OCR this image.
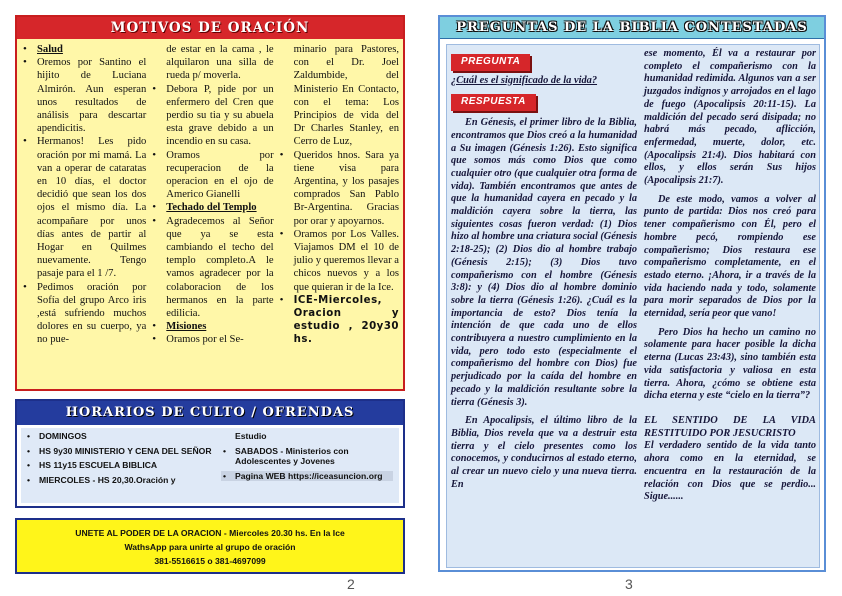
MOTIVOS DE ORACIÓN
• Salud
• Oremos por Santino el hijito de Luciana Almirón. Aun esperan unos resultados de análisis para descartar apendicitis.
• Hermanos! Les pido oración por mi mamá. La van a operar de cataratas en 10 días, el doctor decidió que sean los dos ojos el mismo día. La acompañare por unos días antes de partir al Hogar en Quilmes nuevamente. Tengo pasaje para el 1 /7.
• Pedimos oración por Sofía del grupo Arco iris ,está sufriendo muchos dolores en su cuerpo, ya no pue-
de estar en la cama , le alquilaron una silla de rueda p/ moverla.
• Debora P, pide por un enfermero del Cren que perdio su tia y su abuela esta grave debido a un incendio en su casa.
• Oramos por recuperacion de la operacion en el ojo de Americo Gianelli
• Techado del Templo
• Agradecemos al Señor que ya se esta cambiando el techo del templo completo.A le vamos agradecer por la colaboracion de los hermanos en la parte edilicia.
• Misiones
• Oramos por el Se-
minario para Pastores, con el Dr. Joel Zaldumbide, del Ministerio En Contacto, con el tema: Los Principios de vida del Dr Charles Stanley, en Cerro de Luz,
• Queridos hnos. Sara ya tiene visa para Argentina, y los pasajes comprados San Pablo Br-Argentina. Gracias por orar y apoyarnos.
• Oramos por Los Valles. Viajamos DM el 10 de julio y queremos llevar a chicos nuevos y a los que quieran ir de la Ice.
• ICE-Miercoles, Oracion y estudio , 20y30 hs.
HORARIOS DE CULTO / OFRENDAS
• DOMINGOS
• HS 9y30 MINISTERIO Y CENA DEL SEÑOR
• HS 11y15 ESCUELA BIBLICA
• MIERCOLES - HS 20,30.Oración y
Estudio
• SABADOS - Ministerios con Adolescentes y Jovenes
• Pagina WEB https://iceasuncion.org
UNETE AL PODER DE LA ORACION - Miercoles 20.30 hs. En la Ice
WathsApp para unirte al grupo de oración
381-5516615 o 381-4697099
2
PREGUNTAS DE LA BIBLIA CONTESTADAS
PREGUNTA
¿Cuál es el significado de la vida?
RESPUESTA

En Génesis, el primer libro de la Biblia, encontramos que Dios creó a la humanidad a Su imagen (Génesis 1:26). Esto significa que somos más como Dios que como cualquier otro (que cualquier otra forma de vida). También encontramos que antes de que la humanidad cayera en pecado y la maldición cayera sobre la tierra, las siguientes cosas fueron verdad: (1) Dios hizo al hombre una criatura social (Génesis 2:18-25); (2) Dios dio al hombre trabajo (Génesis 2:15); (3) Dios tuvo compañerismo con el hombre (Génesis 3:8): y (4) Dios dio al hombre dominio sobre la tierra (Génesis 1:26). ¿Cuál es la importancia de esto? Dios tenía la intención de que cada uno de ellos contribuyera a nuestro cumplimiento en la vida, pero todo esto (especialmente el compañerismo del hombre con Dios) fue perjudicado por la caída del hombre en pecado y la maldición resultante sobre la tierra (Génesis 3).

En Apocalipsis, el último libro de la Biblia, Dios revela que va a destruir esta tierra y el cielo presentes como los conocemos, y conducirnos al estado eterno, al crear un nuevo cielo y una nueva tierra. En

ese momento, Él va a restaurar por completo el compañerismo con la humanidad redimida. Algunos van a ser juzgados indignos y arrojados en el lago de fuego (Apocalipsis 20:11-15). La maldición del pecado será disipada; no habrá más pecado, aflicción, enfermedad, muerte, dolor, etc. (Apocalipsis 21:4). Dios habitará con ellos, y ellos serán Sus hijos (Apocalipsis 21:7).

De este modo, vamos a volver al punto de partida: Dios nos creó para tener compañerismo con Él, pero el hombre pecó, rompiendo ese compañerismo; Dios restaura ese compañerismo completamente, en el estado eterno. ¡Ahora, ir a través de la vida haciendo nada y todo, solamente para morir separados de Dios por la eternidad, sería peor que vano!

Pero Dios ha hecho un camino no solamente para hacer posible la dicha eterna (Lucas 23:43), sino también esta vida satisfactoria y valiosa en esta tierra. Ahora, ¿cómo se obtiene esta dicha eterna y este “cielo en la tierra”?

EL SENTIDO DE LA VIDA RESTITUIDO POR JESUCRISTO

El verdadero sentido de la vida tanto ahora como en la eternidad, se encuentra en la restauración de la relación con Dios que se perdio... Sigue......

3
